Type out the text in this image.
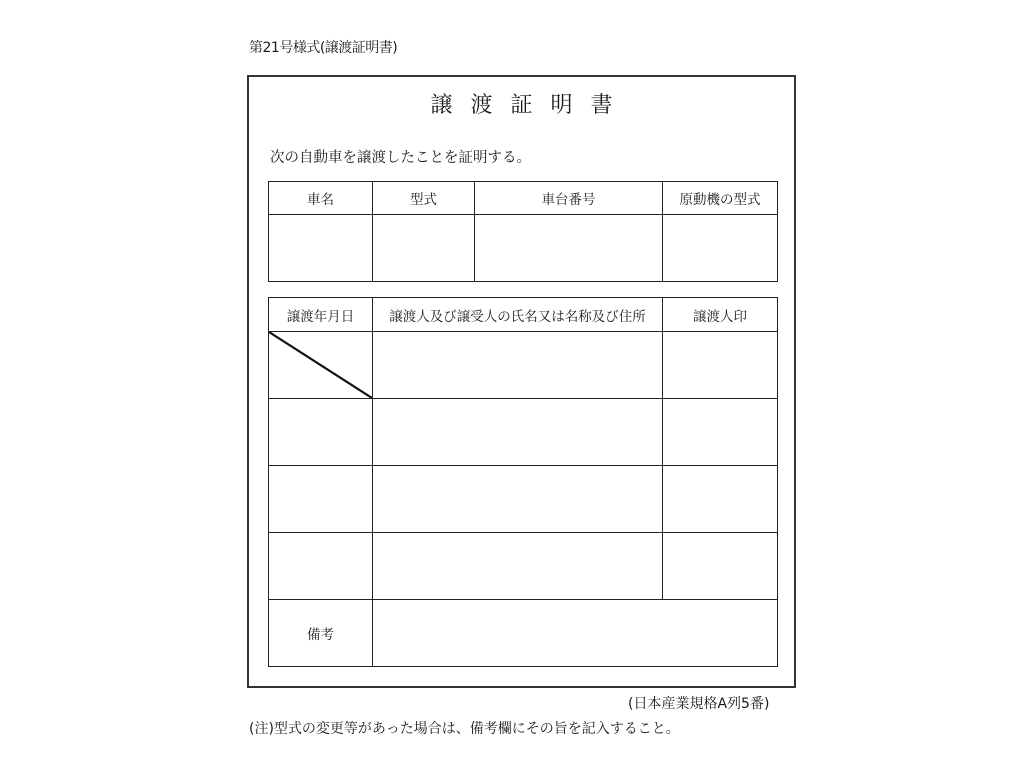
第21号様式(譲渡証明書)
譲渡証明書
次の自動車を譲渡したことを証明する。
車名	型式	車台番号	原動機の型式

譲渡年月日	譲渡人及び譲受人の氏名又は名称及び住所	譲渡人印

備考		
(日本産業規格A列5番)
(注)型式の変更等があった場合は、備考欄にその旨を記入すること。
